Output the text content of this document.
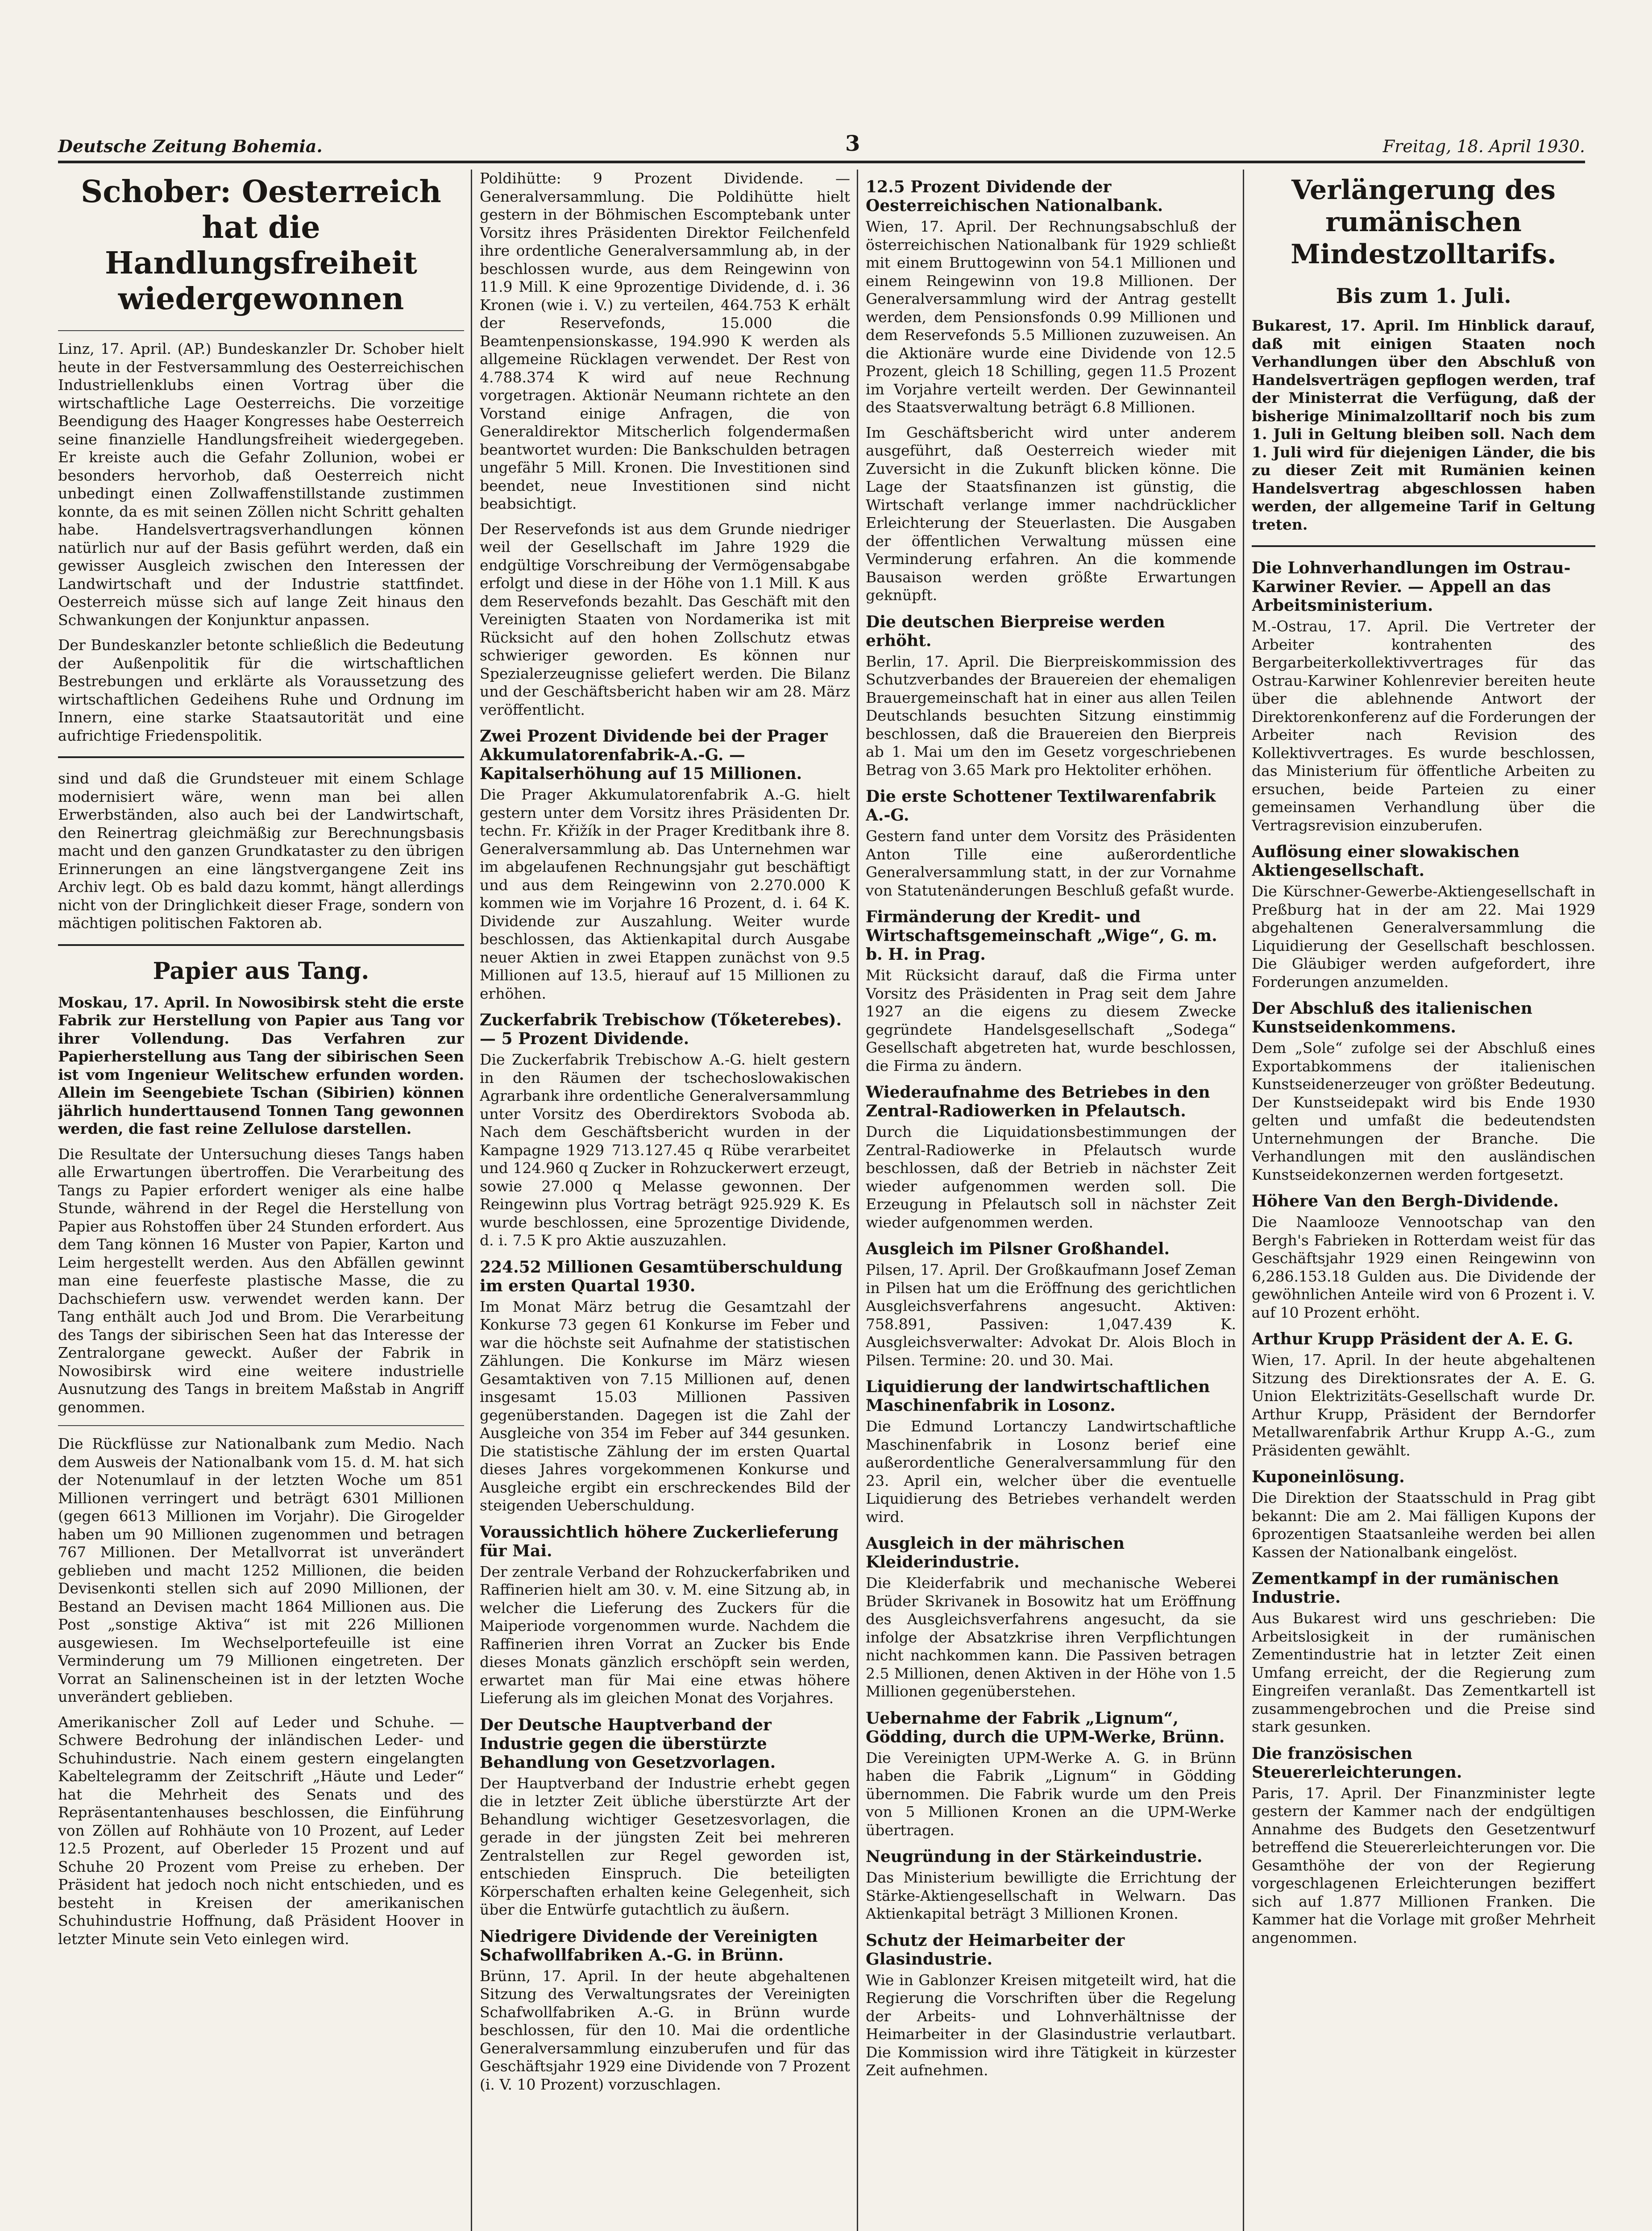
Deutsche Zeitung Bohemia.	3	Freitag, 18. April 1930.
Schober: Oesterreich hat die Handlungsfreiheit wiedergewonnen

Linz, 17. April. (AP.) Bundeskanzler Dr. Schober hielt heute in der Festversammlung des Oesterreichischen Industriellenklubs einen Vortrag über die wirtschaftliche Lage Oesterreichs. Die vorzeitige Beendigung des Haager Kongresses habe Oesterreich seine finanzielle Handlungsfreiheit wiedergegeben. Er kreiste auch die Gefahr Zollunion, wobei er besonders hervorhob, daß Oesterreich nicht unbedingt einen Zollwaffenstillstande zustimmen konnte, da es mit seinen Zöllen nicht Schritt gehalten habe. Handelsvertragsverhandlungen können natürlich nur auf der Basis geführt werden, daß ein gewisser Ausgleich zwischen den Interessen der Landwirtschaft und der Industrie stattfindet. Oesterreich müsse sich auf lange Zeit hinaus den Schwankungen der Konjunktur anpassen.

Der Bundeskanzler betonte schließlich die Bedeutung der Außenpolitik für die wirtschaftlichen Bestrebungen und erklärte als Voraussetzung des wirtschaftlichen Gedeihens Ruhe und Ordnung im Innern, eine starke Staatsautorität und eine aufrichtige Friedenspolitik.

sind und daß die Grundsteuer mit einem Schlage modernisiert wäre, wenn man bei allen Erwerbständen, also auch bei der Landwirtschaft, den Reinertrag gleichmäßig zur Berechnungsbasis macht und den ganzen Grundkataster zu den übrigen Erinnerungen an eine längstvergangene Zeit ins Archiv legt. Ob es bald dazu kommt, hängt allerdings nicht von der Dringlichkeit dieser Frage, sondern von mächtigen politischen Faktoren ab.

Papier aus Tang.

Moskau, 17. April. In Nowosibirsk steht die erste Fabrik zur Herstellung von Papier aus Tang vor ihrer Vollendung. Das Verfahren zur Papierherstellung aus Tang der sibirischen Seen ist vom Ingenieur Welitschew erfunden worden. Allein im Seengebiete Tschan (Sibirien) können jährlich hunderttausend Tonnen Tang gewonnen werden, die fast reine Zellulose darstellen.

Die Resultate der Untersuchung dieses Tangs haben alle Erwartungen übertroffen. Die Verarbeitung des Tangs zu Papier erfordert weniger als eine halbe Stunde, während in der Regel die Herstellung von Papier aus Rohstoffen über 24 Stunden erfordert. Aus dem Tang können 16 Muster von Papier, Karton und Leim hergestellt werden. Aus den Abfällen gewinnt man eine feuerfeste plastische Masse, die zu Dachschiefern usw. verwendet werden kann. Der Tang enthält auch Jod und Brom. Die Verarbeitung des Tangs der sibirischen Seen hat das Interesse der Zentralorgane geweckt. Außer der Fabrik in Nowosibirsk wird eine weitere industrielle Ausnutzung des Tangs in breitem Maßstab in Angriff genommen.

Die Rückflüsse zur Nationalbank zum Medio. Nach dem Ausweis der Nationalbank vom 15. d. M. hat sich der Notenumlauf in der letzten Woche um 851 Millionen verringert und beträgt 6301 Millionen (gegen 6613 Millionen im Vorjahr). Die Girogelder haben um 90 Millionen zugenommen und betragen 767 Millionen. Der Metallvorrat ist unverändert geblieben und macht 1252 Millionen, die beiden Devisenkonti stellen sich auf 2090 Millionen, der Bestand an Devisen macht 1864 Millionen aus. Die Post „sonstige Aktiva“ ist mit 226 Millionen ausgewiesen. Im Wechselportefeuille ist eine Verminderung um 79 Millionen eingetreten. Der Vorrat an Salinenscheinen ist in der letzten Woche unverändert geblieben.

Amerikanischer Zoll auf Leder und Schuhe. — Schwere Bedrohung der inländischen Leder- und Schuhindustrie. Nach einem gestern eingelangten Kabeltelegramm der Zeitschrift „Häute und Leder“ hat die Mehrheit des Senats und des Repräsentantenhauses beschlossen, die Einführung von Zöllen auf Rohhäute von 10 Prozent, auf Leder 12.5 Prozent, auf Oberleder 15 Prozent und auf Schuhe 20 Prozent vom Preise zu erheben. Der Präsident hat jedoch noch nicht entschieden, und es besteht in Kreisen der amerikanischen Schuhindustrie Hoffnung, daß Präsident Hoover in letzter Minute sein Veto einlegen wird.

Poldihütte: 9 Prozent Dividende. — Generalversammlung. Die Poldihütte hielt gestern in der Böhmischen Escomptebank unter Vorsitz ihres Präsidenten Direktor Feilchenfeld ihre ordentliche Generalversammlung ab, in der beschlossen wurde, aus dem Reingewinn von 11.9 Mill. K eine 9prozentige Dividende, d. i. 36 Kronen (wie i. V.) zu verteilen, 464.753 K erhält der Reservefonds, 15.000 die Beamtenpensionskasse, 194.990 K werden als allgemeine Rücklagen verwendet. Der Rest von 4.788.374 K wird auf neue Rechnung vorgetragen. Aktionär Neumann richtete an den Vorstand einige Anfragen, die von Generaldirektor Mitscherlich folgendermaßen beantwortet wurden: Die Bankschulden betragen ungefähr 5 Mill. Kronen. Die Investitionen sind beendet, neue Investitionen sind nicht beabsichtigt.

Der Reservefonds ist aus dem Grunde niedriger weil der Gesellschaft im Jahre 1929 die endgültige Vorschreibung der Vermögensabgabe erfolgt und diese in der Höhe von 1.1 Mill. K aus dem Reservefonds bezahlt. Das Geschäft mit den Vereinigten Staaten von Nordamerika ist mit Rücksicht auf den hohen Zollschutz etwas schwieriger geworden. Es können nur Spezialerzeugnisse geliefert werden. Die Bilanz und der Geschäftsbericht haben wir am 28. März veröffentlicht.

Zwei Prozent Dividende bei der Prager Akkumulatorenfabrik-A.-G. — Kapitalserhöhung auf 15 Millionen.

Die Prager Akkumulatorenfabrik A.-G. hielt gestern unter dem Vorsitz ihres Präsidenten Dr. techn. Fr. Křižík in der Prager Kreditbank ihre 8. Generalversammlung ab. Das Unternehmen war im abgelaufenen Rechnungsjahr gut beschäftigt und aus dem Reingewinn von 2.270.000 K kommen wie im Vorjahre 16 Prozent, d. i. 64 K. Dividende zur Auszahlung. Weiter wurde beschlossen, das Aktienkapital durch Ausgabe neuer Aktien in zwei Etappen zunächst von 9.5 Millionen auf 13.5, hierauf auf 15 Millionen zu erhöhen.

Zuckerfabrik Trebischow (Tőketerebes). — 5 Prozent Dividende.

Die Zuckerfabrik Trebischow A.-G. hielt gestern in den Räumen der tschechoslowakischen Agrarbank ihre ordentliche Generalversammlung unter Vorsitz des Oberdirektors Svoboda ab. Nach dem Geschäftsbericht wurden in der Kampagne 1929 713.127.45 q Rübe verarbeitet und 124.960 q Zucker in Rohzuckerwert erzeugt, sowie 27.000 q Melasse gewonnen. Der Reingewinn plus Vortrag beträgt 925.929 K. Es wurde beschlossen, eine 5prozentige Dividende, d. i. 7.5 K pro Aktie auszuzahlen.

224.52 Millionen Gesamtüberschuldung im ersten Quartal 1930.

Im Monat März betrug die Gesamtzahl der Konkurse 73 gegen 61 Konkurse im Feber und war die höchste seit Aufnahme der statistischen Zählungen. Die Konkurse im März wiesen Gesamtaktiven von 7.15 Millionen auf, denen insgesamt 15.03 Millionen Passiven gegenüberstanden. Dagegen ist die Zahl der Ausgleiche von 354 im Feber auf 344 gesunken. Die statistische Zählung der im ersten Quartal dieses Jahres vorgekommenen Konkurse und Ausgleiche ergibt ein erschreckendes Bild der steigenden Ueberschuldung.

Voraussichtlich höhere Zuckerlieferung für Mai.

Der zentrale Verband der Rohzuckerfabriken und Raffinerien hielt am 30. v. M. eine Sitzung ab, in welcher die Lieferung des Zuckers für die Maiperiode vorgenommen wurde. Nachdem die Raffinerien ihren Vorrat an Zucker bis Ende dieses Monats gänzlich erschöpft sein werden, erwartet man für Mai eine etwas höhere Lieferung als im gleichen Monat des Vorjahres.

Der Deutsche Hauptverband der Industrie gegen die überstürzte Behandlung von Gesetzvorlagen.

Der Hauptverband der Industrie erhebt gegen die in letzter Zeit übliche überstürzte Art der Behandlung wichtiger Gesetzesvorlagen, die gerade in der jüngsten Zeit bei mehreren Zentralstellen zur Regel geworden ist, entschieden Einspruch. Die beteiligten Körperschaften erhalten keine Gelegenheit, sich über die Entwürfe gutachtlich zu äußern.

Niedrigere Dividende der Vereinigten Schafwollfabriken A.-G. in Brünn.

Brünn, 17. April. In der heute abgehaltenen Sitzung des Verwaltungsrates der Vereinigten Schafwollfabriken A.-G. in Brünn wurde beschlossen, für den 10. Mai die ordentliche Generalversammlung einzuberufen und für das Geschäftsjahr 1929 eine Dividende von 7 Prozent (i. V. 10 Prozent) vorzuschlagen.

12.5 Prozent Dividende der Oesterreichischen Nationalbank.

Wien, 17. April. Der Rechnungsabschluß der österreichischen Nationalbank für 1929 schließt mit einem Bruttogewinn von 54.1 Millionen und einem Reingewinn von 19.8 Millionen. Der Generalversammlung wird der Antrag gestellt werden, dem Pensionsfonds 0.99 Millionen und dem Reservefonds 5.5 Millionen zuzuweisen. An die Aktionäre wurde eine Dividende von 12.5 Prozent, gleich 18 Schilling, gegen 11.5 Prozent im Vorjahre verteilt werden. Der Gewinnanteil des Staatsverwaltung beträgt 6.8 Millionen.

Im Geschäftsbericht wird unter anderem ausgeführt, daß Oesterreich wieder mit Zuversicht in die Zukunft blicken könne. Die Lage der Staatsfinanzen ist günstig, die Wirtschaft verlange immer nachdrücklicher Erleichterung der Steuerlasten. Die Ausgaben der öffentlichen Verwaltung müssen eine Verminderung erfahren. An die kommende Bausaison werden größte Erwartungen geknüpft.

Die deutschen Bierpreise werden erhöht.

Berlin, 17. April. Die Bierpreiskommission des Schutzverbandes der Brauereien der ehemaligen Brauergemeinschaft hat in einer aus allen Teilen Deutschlands besuchten Sitzung einstimmig beschlossen, daß die Brauereien den Bierpreis ab 1. Mai um den im Gesetz vorgeschriebenen Betrag von 3.65 Mark pro Hektoliter erhöhen.

Die erste Schottener Textilwarenfabrik A.-G.

Gestern fand unter dem Vorsitz des Präsidenten Anton Tille eine außerordentliche Generalversammlung statt, in der zur Vornahme von Statutenänderungen Beschluß gefaßt wurde.

Firmänderung der Kredit- und Wirtschaftsgemeinschaft „Wige“, G. m. b. H. in Prag.

Mit Rücksicht darauf, daß die Firma unter Vorsitz des Präsidenten in Prag seit dem Jahre 1927 an die eigens zu diesem Zwecke gegründete Handelsgesellschaft „Sodega“ Gesellschaft abgetreten hat, wurde beschlossen, die Firma zu ändern.

Wiederaufnahme des Betriebes in den Zentral-Radiowerken in Pfelautsch.

Durch die Liquidationsbestimmungen der Zentral-Radiowerke in Pfelautsch wurde beschlossen, daß der Betrieb in nächster Zeit wieder aufgenommen werden soll. Die Erzeugung in Pfelautsch soll in nächster Zeit wieder aufgenommen werden.

Ausgleich im Pilsner Großhandel.

Pilsen, 17. April. Der Großkaufmann Josef Zeman in Pilsen hat um die Eröffnung des gerichtlichen Ausgleichsverfahrens angesucht. Aktiven: 758.891, Passiven: 1,047.439 K. Ausgleichsverwalter: Advokat Dr. Alois Bloch in Pilsen. Termine: 20. und 30. Mai.

Liquidierung der landwirtschaftlichen Maschinenfabrik in Losonz.

Die Edmund Lortanczy Landwirtschaftliche Maschinenfabrik in Losonz berief eine außerordentliche Generalversammlung für den 23. April ein, welcher über die eventuelle Liquidierung des Betriebes verhandelt werden wird.

Ausgleich in der mährischen Kleiderindustrie.

Die Kleiderfabrik und mechanische Weberei Brüder Skrivanek in Bosowitz hat um Eröffnung des Ausgleichsverfahrens angesucht, da sie infolge der Absatzkrise ihren Verpflichtungen nicht nachkommen kann. Die Passiven betragen 2.5 Millionen, denen Aktiven in der Höhe von 1.5 Millionen gegenüberstehen.

Uebernahme der Fabrik „Lignum“, Gödding, durch die UPM-Werke, Brünn.

Die Vereinigten UPM-Werke A. G. in Brünn haben die Fabrik „Lignum“ in Gödding übernommen. Die Fabrik wurde um den Preis von 5 Millionen Kronen an die UPM-Werke übertragen.

Neugründung in der Stärkeindustrie.

Das Ministerium bewilligte die Errichtung der Stärke-Aktiengesellschaft in Welwarn. Das Aktienkapital beträgt 3 Millionen Kronen.

Schutz der Heimarbeiter der Glasindustrie.

Wie in Gablonzer Kreisen mitgeteilt wird, hat die Regierung die Vorschriften über die Regelung der Arbeits- und Lohnverhältnisse der Heimarbeiter in der Glasindustrie verlautbart. Die Kommission wird ihre Tätigkeit in kürzester Zeit aufnehmen.

Verlängerung des rumänischen Mindestzolltarifs.
Bis zum 1. Juli.

Bukarest, 17. April. Im Hinblick darauf, daß mit einigen Staaten noch Verhandlungen über den Abschluß von Handelsverträgen gepflogen werden, traf der Ministerrat die Verfügung, daß der bisherige Minimalzolltarif noch bis zum 1. Juli in Geltung bleiben soll. Nach dem 1. Juli wird für diejenigen Länder, die bis zu dieser Zeit mit Rumänien keinen Handelsvertrag abgeschlossen haben werden, der allgemeine Tarif in Geltung treten.

Die Lohnverhandlungen im Ostrau-Karwiner Revier. — Appell an das Arbeitsministerium.

M.-Ostrau, 17. April. Die Vertreter der Arbeiter kontrahenten des Bergarbeiterkollektivvertrages für das Ostrau-Karwiner Kohlenrevier bereiten heute über die ablehnende Antwort der Direktorenkonferenz auf die Forderungen der Arbeiter nach Revision des Kollektivvertrages. Es wurde beschlossen, das Ministerium für öffentliche Arbeiten zu ersuchen, beide Parteien zu einer gemeinsamen Verhandlung über die Vertragsrevision einzuberufen.

Auflösung einer slowakischen Aktiengesellschaft.

Die Kürschner-Gewerbe-Aktiengesellschaft in Preßburg hat in der am 22. Mai 1929 abgehaltenen Generalversammlung die Liquidierung der Gesellschaft beschlossen. Die Gläubiger werden aufgefordert, ihre Forderungen anzumelden.

Der Abschluß des italienischen Kunstseidenkommens.

Dem „Sole“ zufolge sei der Abschluß eines Exportabkommens der italienischen Kunstseidenerzeuger von größter Bedeutung. Der Kunstseidepakt wird bis Ende 1930 gelten und umfaßt die bedeutendsten Unternehmungen der Branche. Die Verhandlungen mit den ausländischen Kunstseidekonzernen werden fortgesetzt.

Höhere Van den Bergh-Dividende.

Die Naamlooze Vennootschap van den Bergh's Fabrieken in Rotterdam weist für das Geschäftsjahr 1929 einen Reingewinn von 6,286.153.18 Gulden aus. Die Dividende der gewöhnlichen Anteile wird von 6 Prozent i. V. auf 10 Prozent erhöht.

Arthur Krupp Präsident der A. E. G.

Wien, 17. April. In der heute abgehaltenen Sitzung des Direktionsrates der A. E. G. Union Elektrizitäts-Gesellschaft wurde Dr. Arthur Krupp, Präsident der Berndorfer Metallwarenfabrik Arthur Krupp A.-G., zum Präsidenten gewählt.

Kuponeinlösung.

Die Direktion der Staatsschuld in Prag gibt bekannt: Die am 2. Mai fälligen Kupons der 6prozentigen Staatsanleihe werden bei allen Kassen der Nationalbank eingelöst.

Zementkampf in der rumänischen Industrie.

Aus Bukarest wird uns geschrieben: Die Arbeitslosigkeit in der rumänischen Zementindustrie hat in letzter Zeit einen Umfang erreicht, der die Regierung zum Eingreifen veranlaßt. Das Zementkartell ist zusammengebrochen und die Preise sind stark gesunken.

Die französischen Steuererleichterungen.

Paris, 17. April. Der Finanzminister legte gestern der Kammer nach der endgültigen Annahme des Budgets den Gesetzentwurf betreffend die Steuererleichterungen vor. Die Gesamthöhe der von der Regierung vorgeschlagenen Erleichterungen beziffert sich auf 1.877 Millionen Franken. Die Kammer hat die Vorlage mit großer Mehrheit angenommen.
